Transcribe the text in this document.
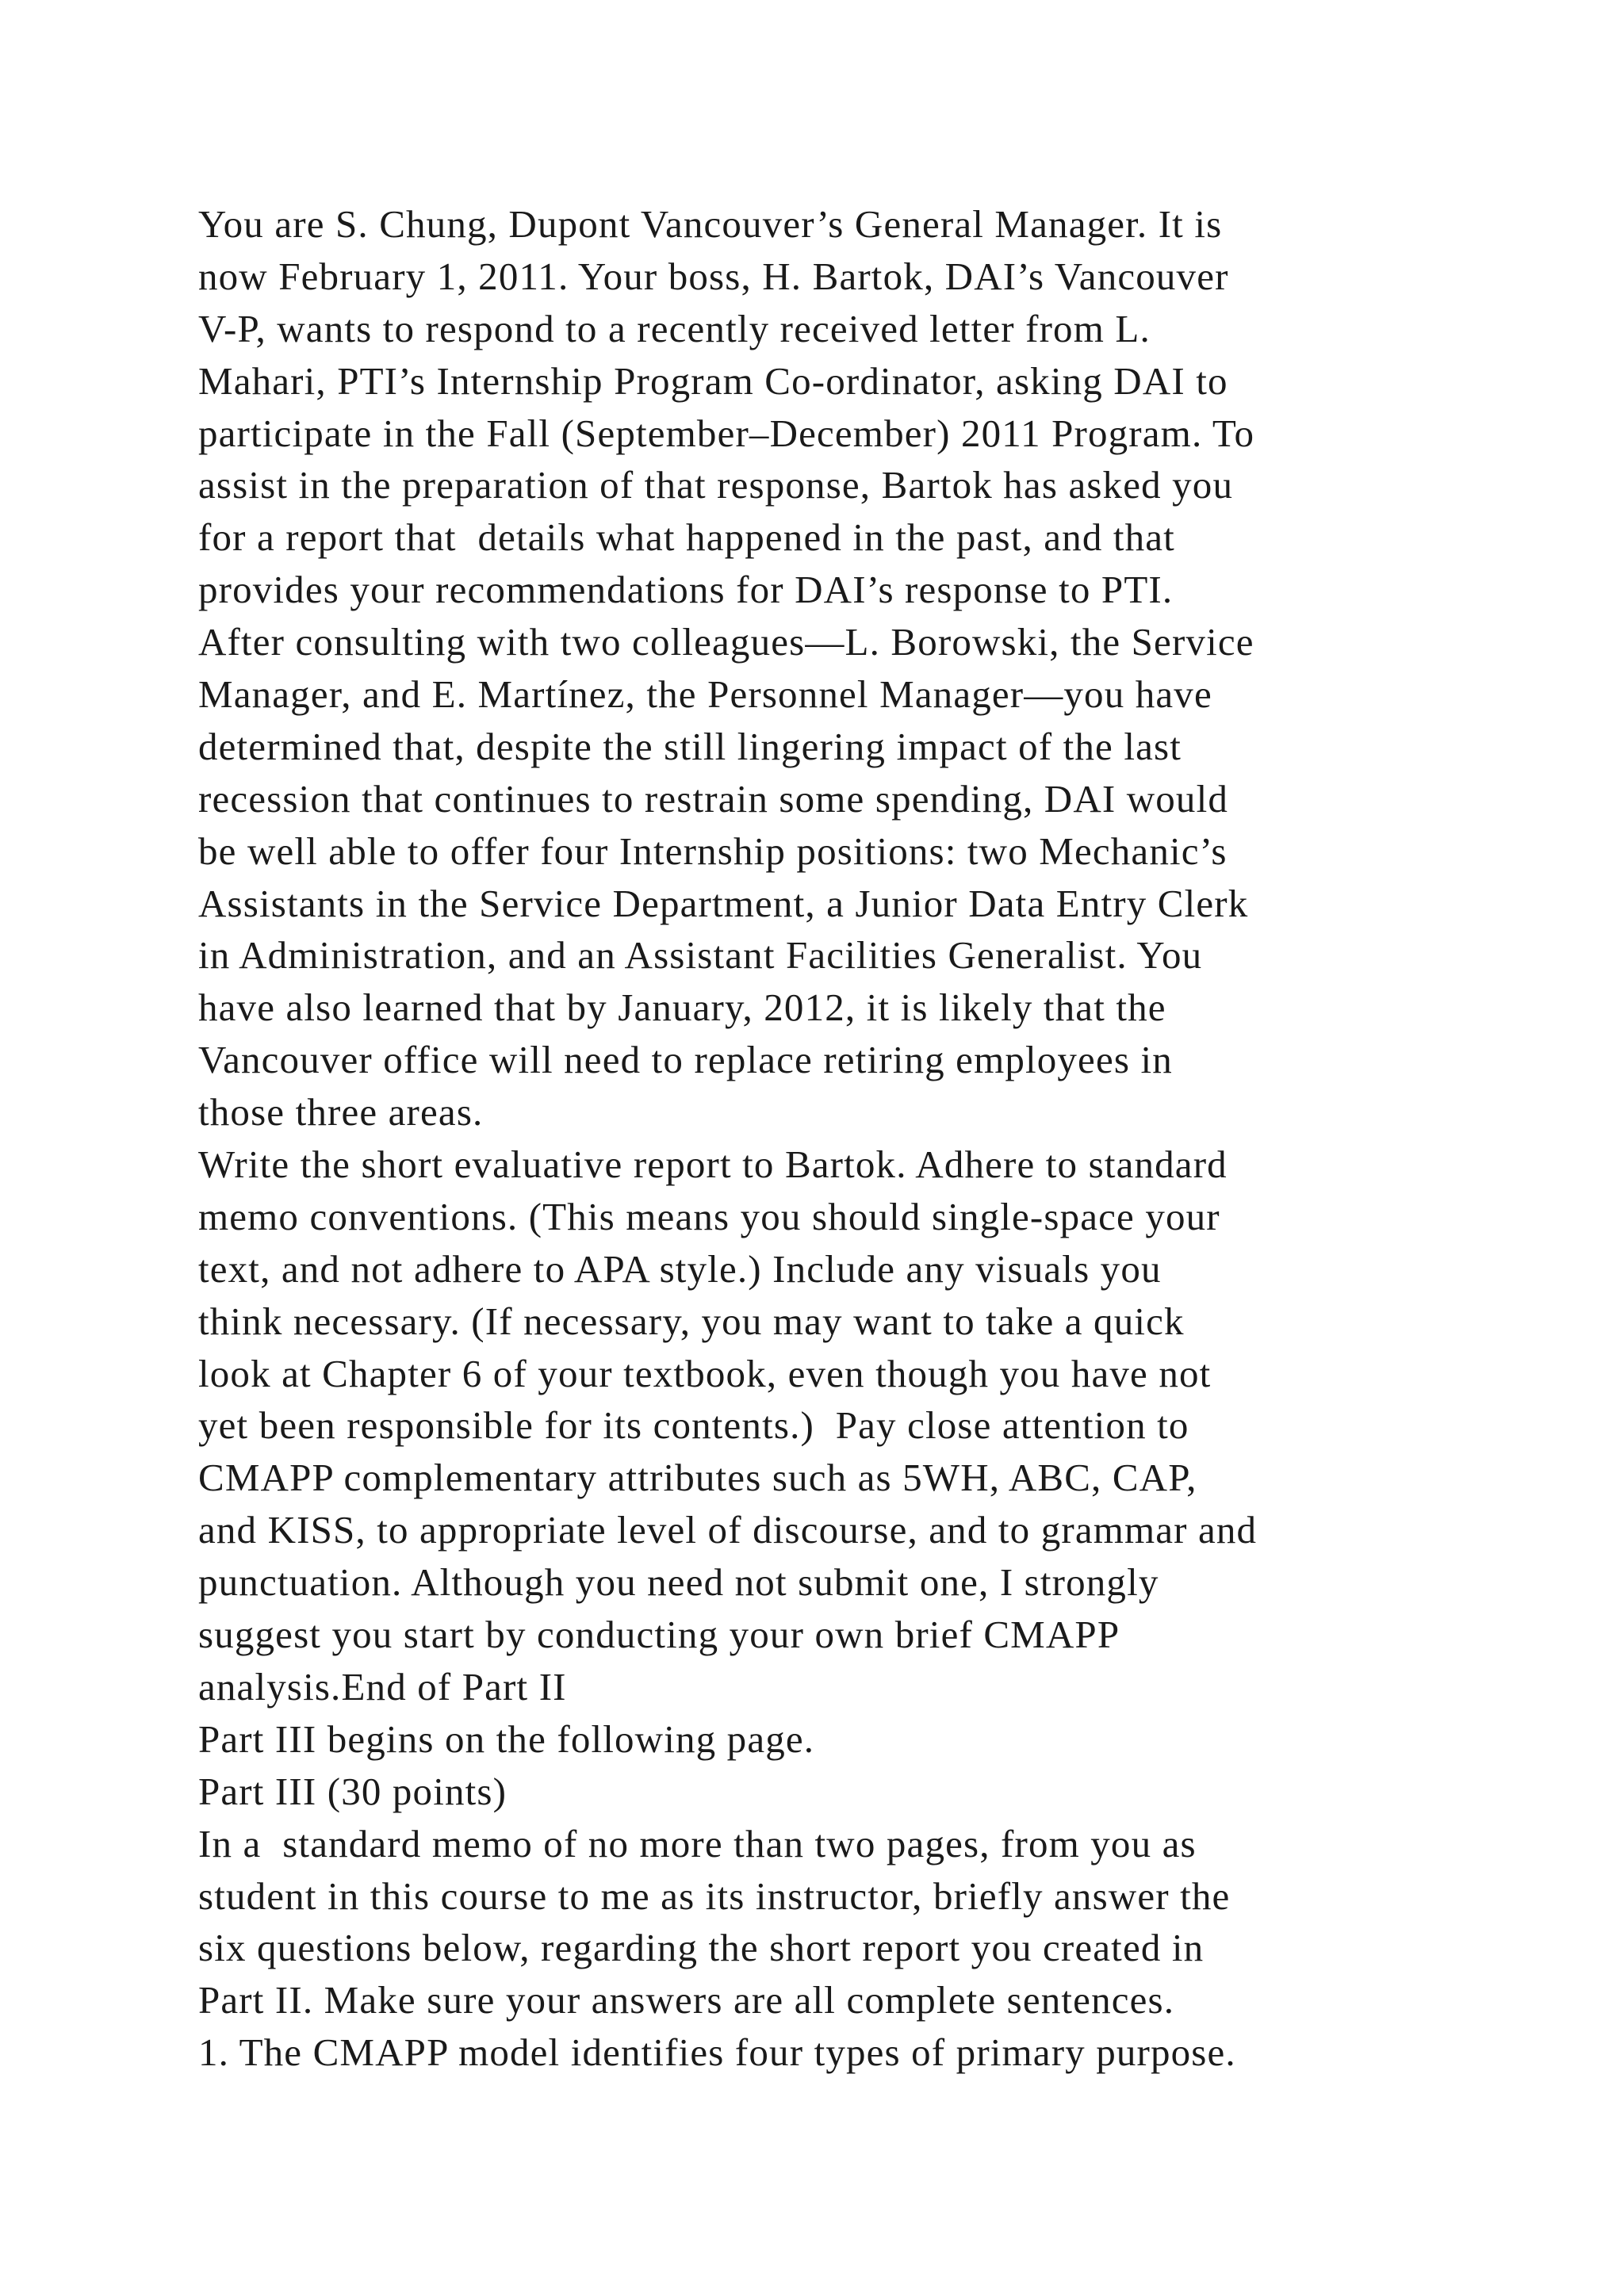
You are S. Chung, Dupont Vancouver’s General Manager. It is
now February 1, 2011. Your boss, H. Bartok, DAI’s Vancouver
V-P, wants to respond to a recently received letter from L.
Mahari, PTI’s Internship Program Co-ordinator, asking DAI to
participate in the Fall (September–December) 2011 Program. To
assist in the preparation of that response, Bartok has asked you
for a report that  details what happened in the past, and that
provides your recommendations for DAI’s response to PTI.
After consulting with two colleagues—L. Borowski, the Service
Manager, and E. Martínez, the Personnel Manager—you have
determined that, despite the still lingering impact of the last
recession that continues to restrain some spending, DAI would
be well able to offer four Internship positions: two Mechanic’s
Assistants in the Service Department, a Junior Data Entry Clerk
in Administration, and an Assistant Facilities Generalist. You
have also learned that by January, 2012, it is likely that the
Vancouver office will need to replace retiring employees in
those three areas.
Write the short evaluative report to Bartok. Adhere to standard
memo conventions. (This means you should single-space your
text, and not adhere to APA style.) Include any visuals you
think necessary. (If necessary, you may want to take a quick
look at Chapter 6 of your textbook, even though you have not
yet been responsible for its contents.)  Pay close attention to
CMAPP complementary attributes such as 5WH, ABC, CAP,
and KISS, to appropriate level of discourse, and to grammar and
punctuation. Although you need not submit one, I strongly
suggest you start by conducting your own brief CMAPP
analysis.End of Part II
Part III begins on the following page.
Part III (30 points)
In a  standard memo of no more than two pages, from you as
student in this course to me as its instructor, briefly answer the
six questions below, regarding the short report you created in
Part II. Make sure your answers are all complete sentences.
1. The CMAPP model identifies four types of primary purpose.
